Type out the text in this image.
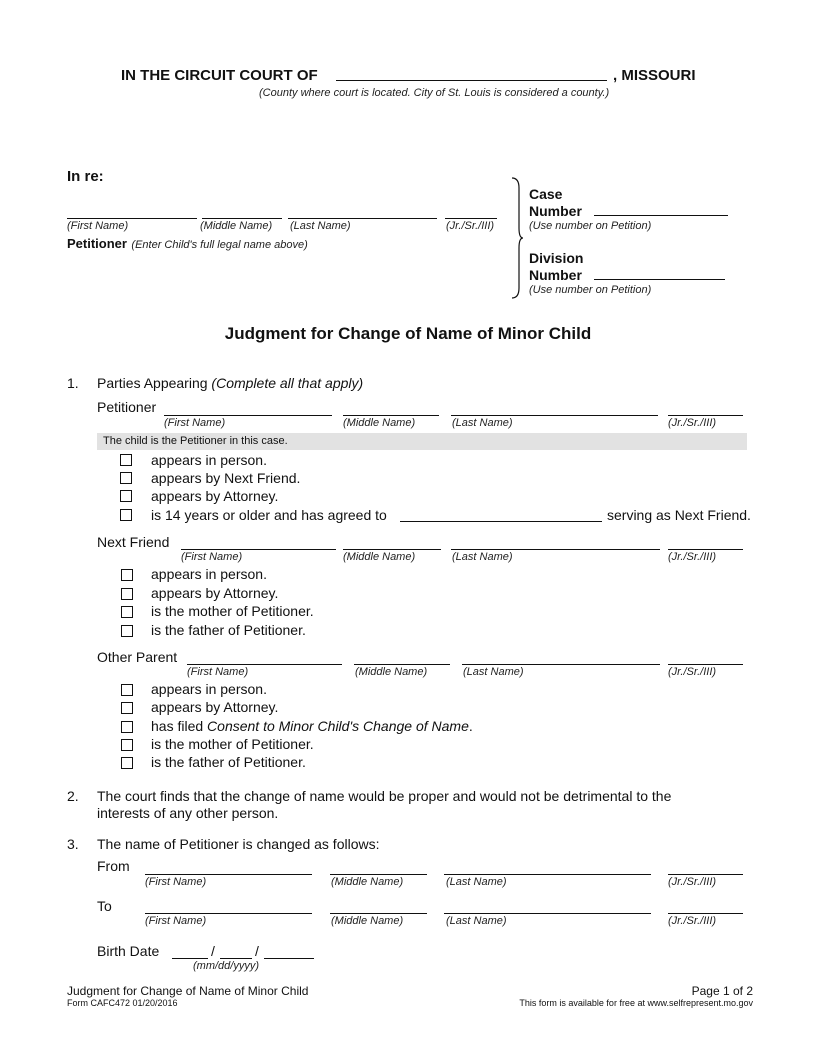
IN THE CIRCUIT COURT OF	, MISSOURI
(County where court is located. City of St. Louis is considered a county.)
In re:
(First Name)	(Middle Name) (Last Name)	(Jr./Sr./III)
Petitioner (Enter Child's full legal name above)
Case
Number
(Use number on Petition)
Division
Number
(Use number on Petition)
Judgment for Change of Name of Minor Child
1. Parties Appearing (Complete all that apply)
Petitioner
(First Name)	(Middle Name)	(Last Name)	(Jr./Sr./III)
The child is the Petitioner in this case.
appears in person.
appears by Next Friend.
appears by Attorney.
is 14 years or older and has agreed to	serving as Next Friend.
Next Friend
(First Name)	(Middle Name)	(Last Name)	(Jr./Sr./III)
appears in person.
appears by Attorney.
is the mother of Petitioner.
is the father of Petitioner.
Other Parent
(First Name)	(Middle Name)	(Last Name)	(Jr./Sr./III)
appears in person.
appears by Attorney.
has filed Consent to Minor Child's Change of Name.
is the mother of Petitioner.
is the father of Petitioner.
2. The court finds that the change of name would be proper and would not be detrimental to the
interests of any other person.
3. The name of Petitioner is changed as follows:
From
(First Name)	(Middle Name)	(Last Name)	(Jr./Sr./III)
To
(First Name)	(Middle Name)	(Last Name)	(Jr./Sr./III)
Birth Date	/	/
(mm/dd/yyyy)
Judgment for Change of Name of Minor Child
Form CAFC472 01/20/2016
Page 1 of 2
This form is available for free at www.selfrepresent.mo.gov
